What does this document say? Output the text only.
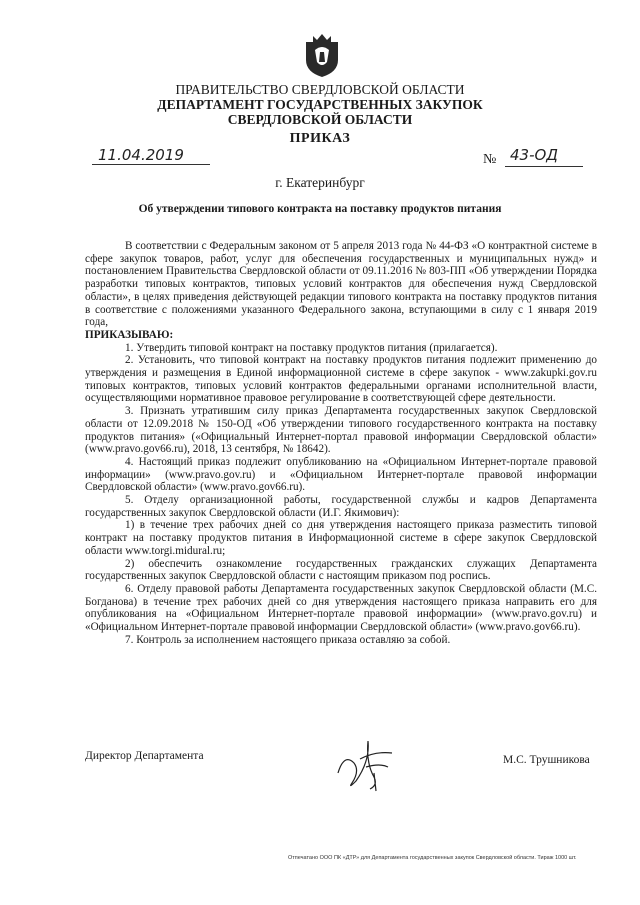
ПРАВИТЕЛЬСТВО СВЕРДЛОВСКОЙ ОБЛАСТИ
ДЕПАРТАМЕНТ ГОСУДАРСТВЕННЫХ ЗАКУПОК
СВЕРДЛОВСКОЙ ОБЛАСТИ
ПРИКАЗ
11.04.2019	№ 43-ОД
г. Екатеринбург
Об утверждении типового контракта на поставку продуктов питания

В соответствии с Федеральным законом от 5 апреля 2013 года № 44-ФЗ «О контрактной системе в сфере закупок товаров, работ, услуг для обеспечения государственных и муниципальных нужд» и постановлением Правительства Свердловской области от 09.11.2016 № 803-ПП «Об утверждении Порядка разработки типовых контрактов, типовых условий контрактов для обеспечения нужд Свердловской области», в целях приведения действующей редакции типового контракта на поставку продуктов питания в соответствие с положениями указанного Федерального закона, вступающими в силу с 1 января 2019 года,

ПРИКАЗЫВАЮ:

1. Утвердить типовой контракт на поставку продуктов питания (прилагается).

2. Установить, что типовой контракт на поставку продуктов питания подлежит применению до утверждения и размещения в Единой информационной системе в сфере закупок - www.zakupki.gov.ru типовых контрактов, типовых условий контрактов федеральными органами исполнительной власти, осуществляющими нормативное правовое регулирование в соответствующей сфере деятельности.

3. Признать утратившим силу приказ Департамента государственных закупок Свердловской области от 12.09.2018 № 150-ОД «Об утверждении типового государственного контракта на поставку продуктов питания» («Официальный Интернет-портал правовой информации Свердловской области» (www.pravo.gov66.ru), 2018, 13 сентября, № 18642).

4. Настоящий приказ подлежит опубликованию на «Официальном Интернет-портале правовой информации» (www.pravo.gov.ru) и «Официальном Интернет-портале правовой информации Свердловской области» (www.pravo.gov66.ru).

5. Отделу организационной работы, государственной службы и кадров Департамента государственных закупок Свердловской области (И.Г. Якимович):

1) в течение трех рабочих дней со дня утверждения настоящего приказа разместить типовой контракт на поставку продуктов питания в Информационной системе в сфере закупок Свердловской области www.torgi.midural.ru;

2) обеспечить ознакомление государственных гражданских служащих Департамента государственных закупок Свердловской области с настоящим приказом под роспись.

6. Отделу правовой работы Департамента государственных закупок Свердловской области (М.С. Богданова) в течение трех рабочих дней со дня утверждения настоящего приказа направить его для опубликования на «Официальном Интернет-портале правовой информации» (www.pravo.gov.ru) и «Официальном Интернет-портале правовой информации Свердловской области» (www.pravo.gov66.ru).

7. Контроль за исполнением настоящего приказа оставляю за собой.

Директор Департамента	М.С. Трушникова
Отпечатано ООО ПК «ДТР» для Департамента государственных закупок Свердловской области. Тираж 1000 шт.
